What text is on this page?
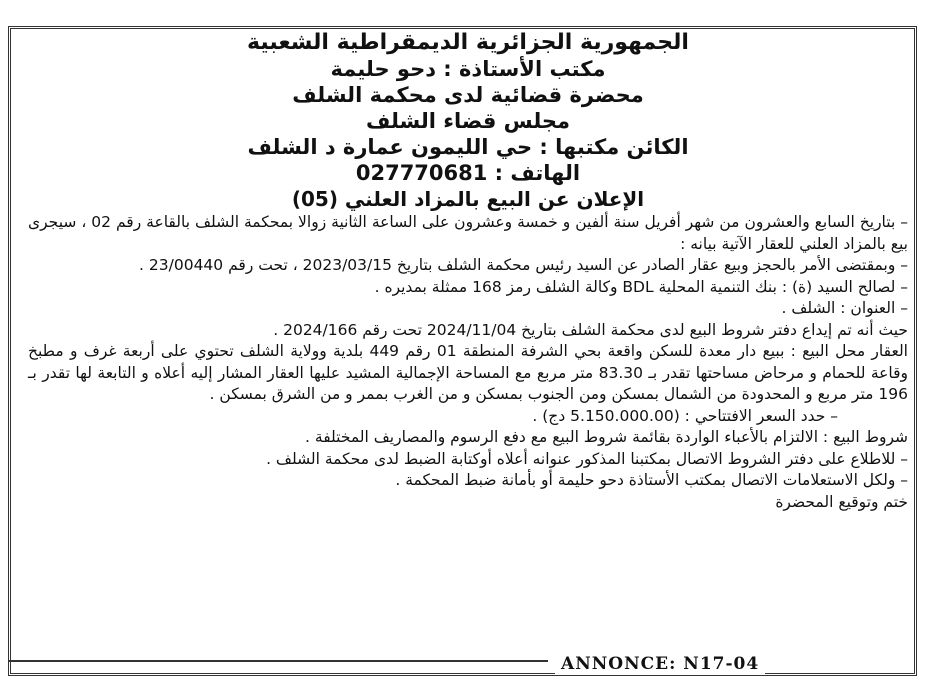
الجمهورية الجزائرية الديمقراطية الشعبية
مكتب الأستاذة : دحو حليمة
محضرة قضائية لدى محكمة الشلف
مجلس قضاء الشلف
الكائن مكتبها : حي الليمون عمارة د الشلف
الهاتف : 027770681
الإعلان عن البيع بالمزاد العلني (05)

– بتاريخ السابع والعشرون من شهر أفريل سنة ألفين و خمسة وعشرون على الساعة الثانية زوالا بمحكمة الشلف بالقاعة رقم 02 ، سيجرى بيع بالمزاد العلني للعقار الآتية بيانه :

– وبمقتضى الأمر بالحجز وبيع عقار الصادر عن السيد رئيس محكمة الشلف بتاريخ 2023/03/15 ، تحت رقم 23/00440 .

– لصالح السيد (ة) : بنك التنمية المحلية BDL وكالة الشلف رمز 168 ممثلة بمديره .

– العنوان : الشلف .

حيث أنه تم إيداع دفتر شروط البيع لدى محكمة الشلف بتاريخ 2024/11/04 تحت رقم 2024/166 .

العقار محل البيع : ببيع دار معدة للسكن واقعة بحي الشرفة المنطقة 01 رقم 449 بلدية وولاية الشلف تحتوي على أربعة غرف و مطبخ وقاعة للحمام و مرحاض مساحتها تقدر بـ 83.30 متر مربع مع المساحة الإجمالية المشيد عليها العقار المشار إليه أعلاه و التابعة لها تقدر بـ 196 متر مربع و المحدودة من الشمال بمسكن ومن الجنوب بمسكن و من الغرب بممر و من الشرق بمسكن .

– حدد السعر الافتتاحي : (5.150.000.00 دج) .

شروط البيع : الالتزام بالأعباء الواردة بقائمة شروط البيع مع دفع الرسوم والمصاريف المختلفة .

– للاطلاع على دفتر الشروط الاتصال بمكتبنا المذكور عنوانه أعلاه أوكتابة الضبط لدى محكمة الشلف .

– ولكل الاستعلامات الاتصال بمكتب الأستاذة دحو حليمة أو بأمانة ضبط المحكمة .

ختم وتوقيع المحضرة

ANNONCE: N17-04
